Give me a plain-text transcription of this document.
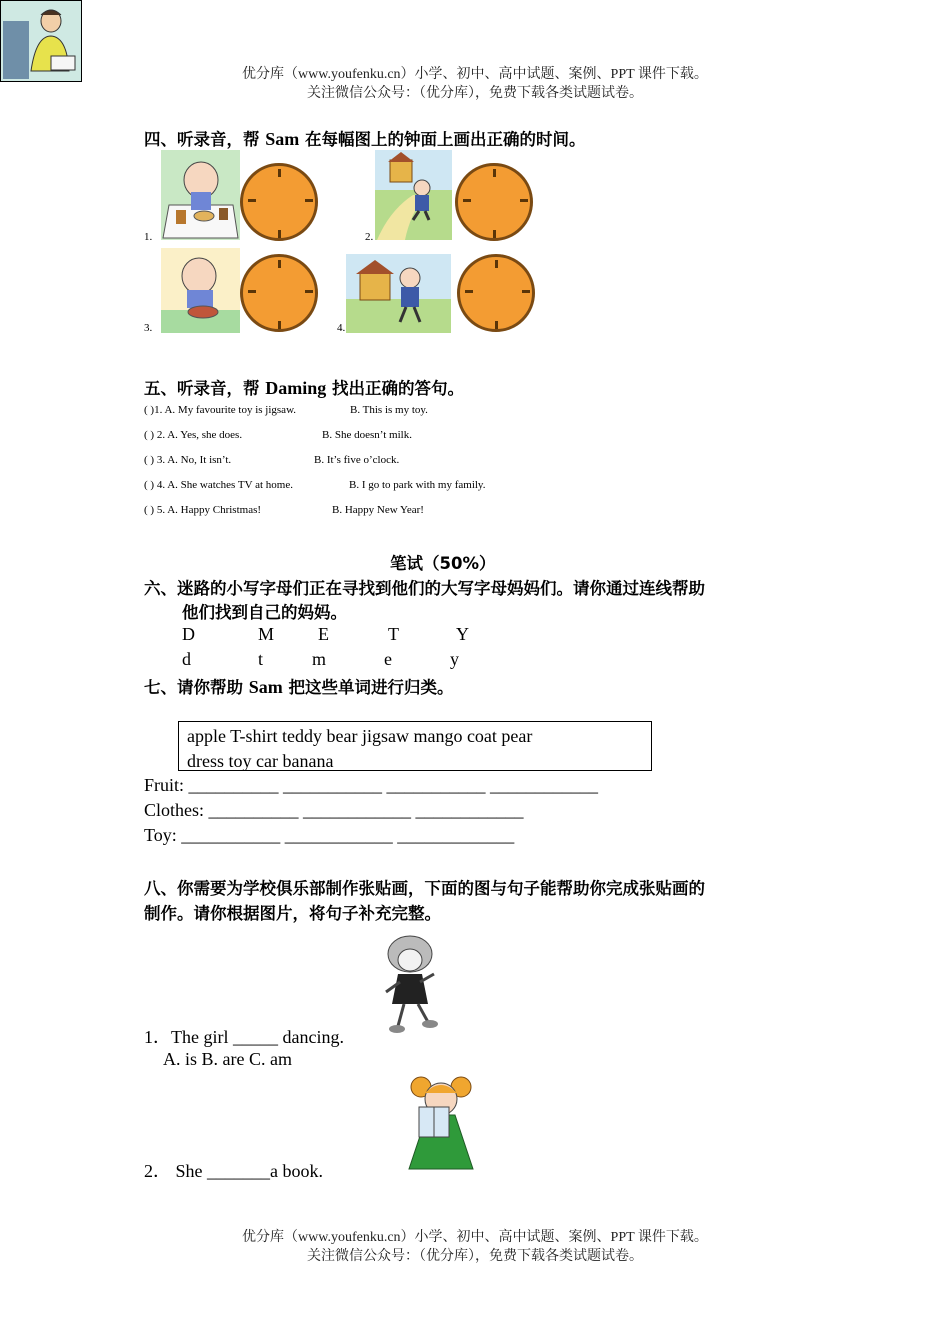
优分库（www.youfenku.cn）小学、初中、高中试题、案例、PPT 课件下载。
关注微信公众号：（优分库），免费下载各类试题试卷。
四、听录音，帮 Sam 在每幅图上的钟面上画出正确的时间。
1.	2.
3.	4.
五、听录音，帮 Daming 找出正确的答句。
( )1. A. My favourite toy is jigsaw.	B. This is my toy.
( ) 2. A. Yes, she does.	B. She doesn’t milk.
( ) 3. A. No, It isn’t.	B. It’s five o’clock.
( ) 4. A. She watches TV at home.	B. I go to park with my family.
( ) 5. A. Happy Christmas!	B. Happy New Year!
笔试（50%）
六、迷路的小写字母们正在寻找到他们的大写字母妈妈们。请你通过连线帮助
他们找到自己的妈妈。
D	M E	T	Y
d	t	m	e	y
七、请你帮助 Sam 把这些单词进行归类。
apple T-shirt teddy bear jigsaw mango coat pear
dress toy car banana
Fruit: __________ ___________ ___________ ____________
Clothes: __________ ____________ ____________
Toy: ___________ ____________ _____________
八、你需要为学校俱乐部制作张贴画，下面的图与句子能帮助你完成张贴画的
制作。请你根据图片，将句子补充完整。
1．The girl _____ dancing.
A. is B. are C. am
2． She _______a book.
优分库（www.youfenku.cn）小学、初中、高中试题、案例、PPT 课件下载。
关注微信公众号：（优分库），免费下载各类试题试卷。
